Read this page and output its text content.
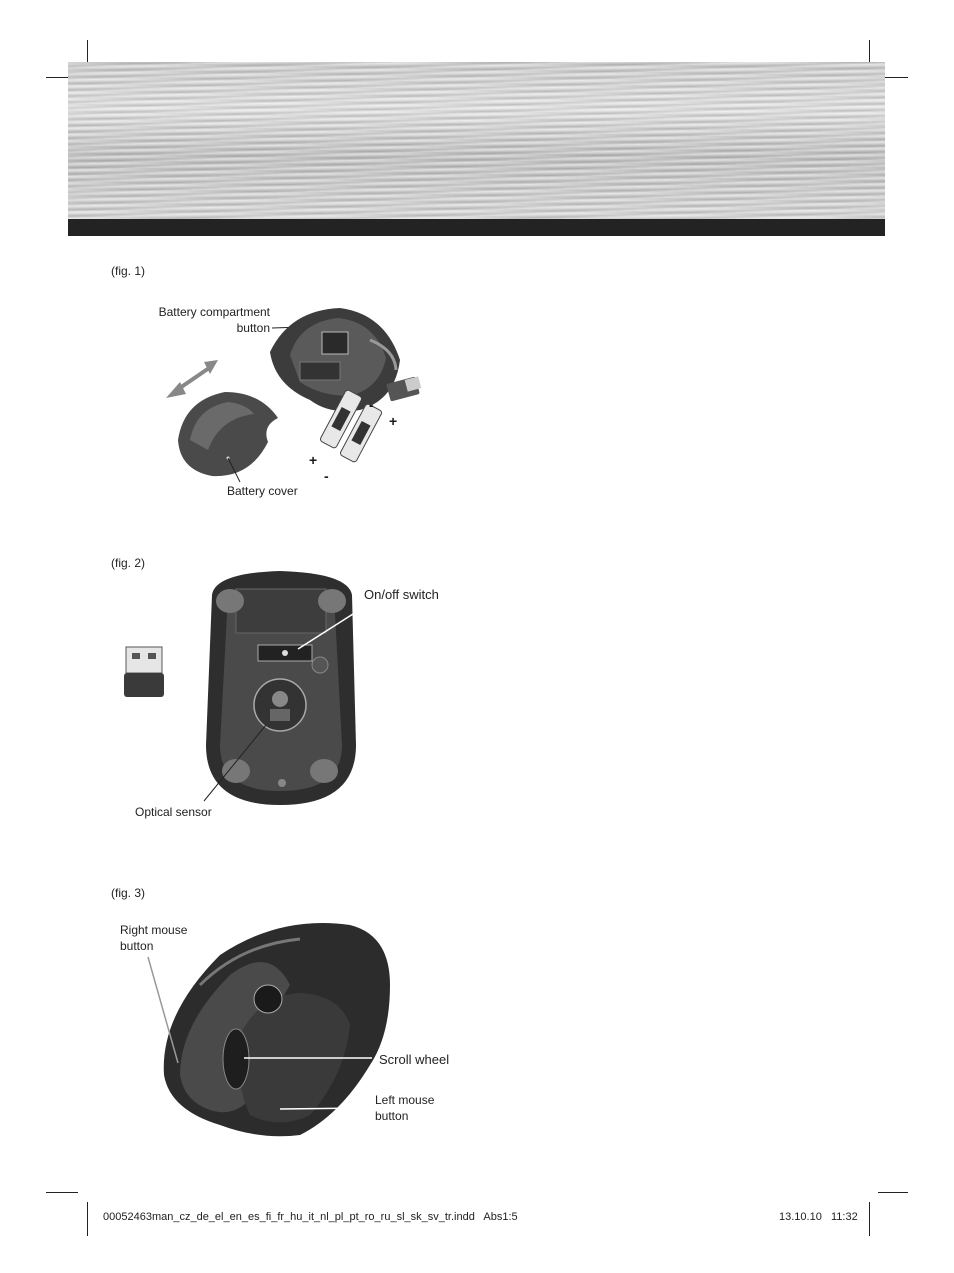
(fig. 1)
Battery compartment
button
-
+
+
-
Battery cover
(fig. 2)
On/off switch
Optical sensor
(fig. 3)
Right mouse
button
Scroll wheel
Left mouse
button
00052463man_cz_de_el_en_es_fi_fr_hu_it_nl_pl_pt_ro_ru_sl_sk_sv_tr.indd   Abs1:5	13.10.10   11:32
